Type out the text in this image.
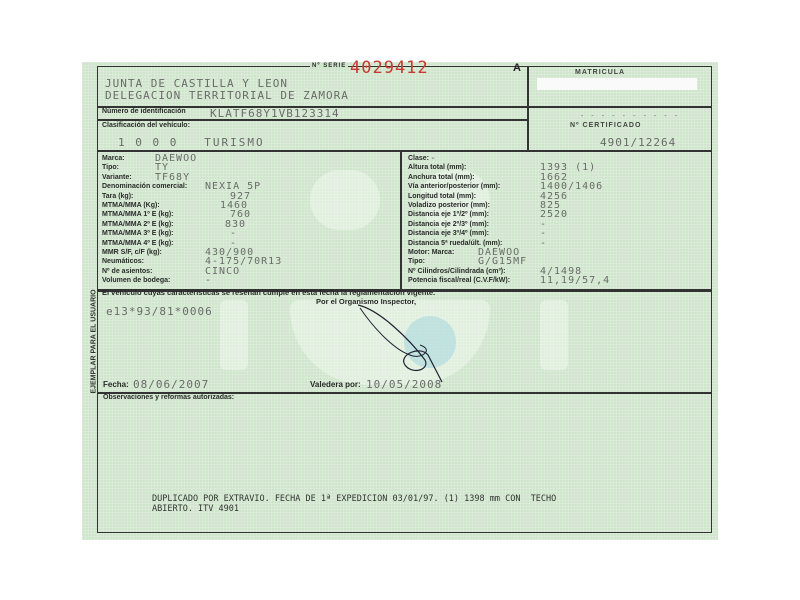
Nº SERIE 4029412	A
JUNTA DE CASTILLA Y LEON
DELEGACION TERRITORIAL DE ZAMORA
MATRICULA
Número de identificación KLATF68Y1VB123314	- - - - - - - - - -
Clasificación del vehículo:
1 0 0 0   TURISMO
Nº CERTIFICADO
4901/12264
Marca:	DAEWOO
Tipo:	TY
Variante: TF68Y
Denominación comercial: NEXIA 5P
Tara (kg):	927
MTMA/MMA (Kg):	1460
MTMA/MMA 1º E (kg):	760
MTMA/MMA 2º E (kg):	830
MTMA/MMA 3º E (kg):	-
MTMA/MMA 4º E (kg):	-
MMR S/F, c/F (kg):	430/900
Neumáticos:	4-175/70R13
Nº de asientos:	CINCO
Volumen de bodega:	-
Clase: -
Altura total (mm):	1393 (1)
Anchura total (mm):	1662
Vía anterior/posterior (mm):	1400/1406
Longitud total (mm):	4256
Voladizo posterior (mm):	825
Distancia eje 1º/2º (mm):	2520
Distancia eje 2º/3º (mm):	-
Distancia eje 3º/4º (mm):	-
Distancia 5ª rueda/últ. (mm):	-
Motor: Marca: DAEWOO
Tipo:	G/G15MF
Nº Cilindros/Cilindrada (cm³):	4/1498
Potencia fiscal/real (C.V.F/kW):	11,19/57,4
El vehículo cuyas características se reseñan cumple en esta fecha la reglamentación vigente.
Por el Organismo Inspector,
e13*93/81*0006
Fecha: 08/06/2007	Valedera por: 10/05/2008
Observaciones y reformas autorizadas:
DUPLICADO POR EXTRAVIO. FECHA DE 1ª EXPEDICION 03/01/97. (1) 1398 mm CON  TECHO
ABIERTO. ITV 4901
EJEMPLAR PARA EL USUARIO
